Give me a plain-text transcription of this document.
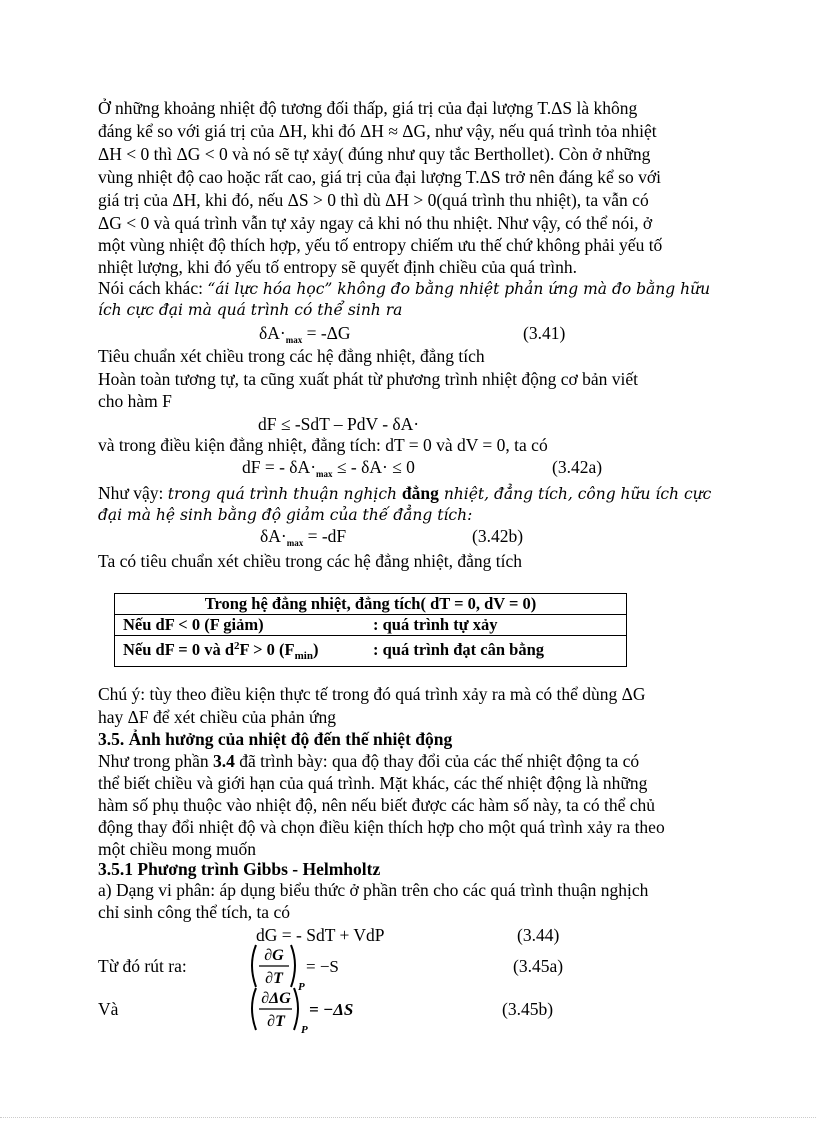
Ở những khoảng nhiệt độ tương đối thấp, giá trị của đại lượng T.ΔS là không
đáng kể so với giá trị của ΔH, khi đó ΔH ≈ ΔG, như vậy, nếu quá trình tỏa nhiệt
ΔH < 0 thì ΔG < 0 và nó sẽ tự xảy( đúng như quy tắc Berthollet). Còn ở những
vùng nhiệt độ cao hoặc rất cao, giá trị của đại lượng T.ΔS trở nên đáng kể so với
giá trị của ΔH, khi đó, nếu ΔS > 0 thì dù ΔH > 0(quá trình thu nhiệt), ta vẫn có
ΔG < 0 và quá trình vẫn tự xảy ngay cả khi nó thu nhiệt. Như vậy, có thể nói, ở
một vùng nhiệt độ thích hợp, yếu tố entropy chiếm ưu thế chứ không phải yếu tố
nhiệt lượng, khi đó yếu tố entropy sẽ quyết định chiều của quá trình.
Nói cách khác: “ái lực hóa học” không đo bằng nhiệt phản ứng mà đo bằng hữu
ích cực đại mà quá trình có thể sinh ra
$\delta A\cdot_{max} = -\Delta G$	(3.41)
Tiêu chuẩn xét chiều trong các hệ đẳng nhiệt, đẳng tích
Hoàn toàn tương tự, ta cũng xuất phát từ phương trình nhiệt động cơ bản viết
cho hàm F
dF ≤ -SdT – PdV - δA·
và trong điều kiện đẳng nhiệt, đẳng tích: dT = 0 và dV = 0, ta có
dF = - $\delta A\cdot_{max}$ ≤ - δA· ≤ 0	(3.42a)
Như vậy: trong quá trình thuận nghịch đẳng nhiệt, đẳng tích, công hữu ích cực
đại mà hệ sinh bằng độ giảm của thế đẳng tích:
$\delta A\cdot_{max} = -dF$	(3.42b)
Ta có tiêu chuẩn xét chiều trong các hệ đẳng nhiệt, đẳng tích
Trong hệ đẳng nhiệt, đẳng tích( dT = 0, dV = 0)
Nếu dF < 0 (F giảm)	: quá trình tự xảy
Nếu dF = 0 và $d^2F > 0$ $(F_{min})$	: quá trình đạt cân bằng
Chú ý: tùy theo điều kiện thực tế trong đó quá trình xảy ra mà có thể dùng ΔG
hay ΔF để xét chiều của phản ứng
3.5. Ảnh hưởng của nhiệt độ đến thế nhiệt động
Như trong phần 3.4 đã trình bày: qua độ thay đổi của các thế nhiệt động ta có
thể biết chiều và giới hạn của quá trình. Mặt khác, các thế nhiệt động là những
hàm số phụ thuộc vào nhiệt độ, nên nếu biết được các hàm số này, ta có thể chủ
động thay đổi nhiệt độ và chọn điều kiện thích hợp cho một quá trình xảy ra theo
một chiều mong muốn
3.5.1 Phương trình Gibbs - Helmholtz
a) Dạng vi phân: áp dụng biểu thức ở phần trên cho các quá trình thuận nghịch
chỉ sinh công thể tích, ta có
dG = - SdT + VdP	(3.44)
Từ đó rút ra:
∂G
∂T P
= −S	(3.45a)
Và
∂ΔG
∂T P
= −ΔS	(3.45b)
